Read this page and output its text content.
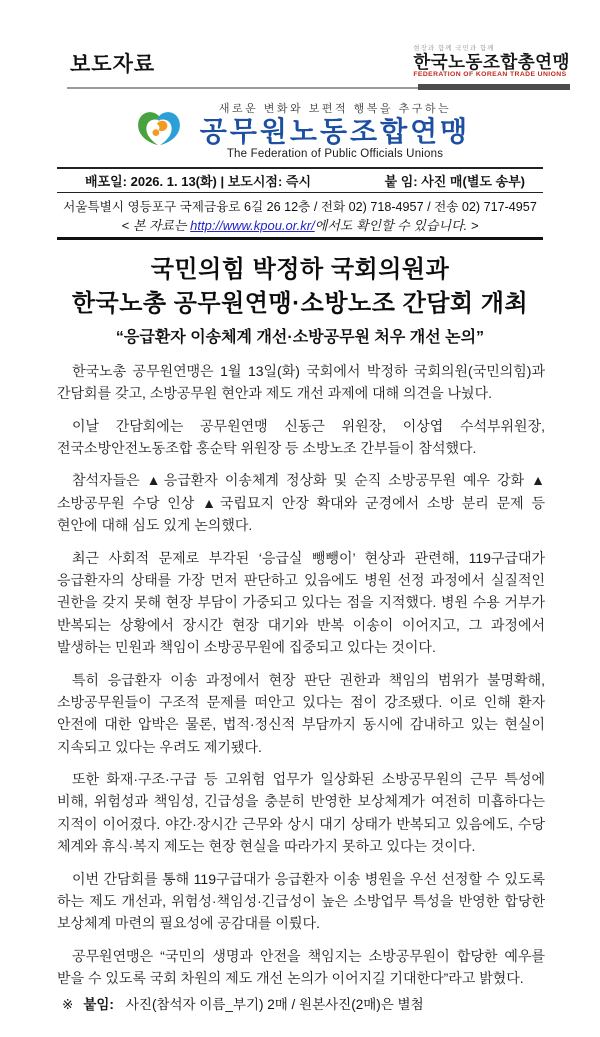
보도자료
현장과 함께 국민과 함께
한국노동조합총연맹
FEDERATION OF KOREAN TRADE UNIONS
새로운 변화와 보편적 행복을 추구하는
공무원노동조합연맹
The Federation of Public Officials Unions
배포일: 2026. 1. 13(화) | 보도시점: 즉시	붙 임: 사진 매(별도 송부)
서울특별시 영등포구 국제금융로 6길 26 12층 / 전화 02) 718-4957 / 전송 02) 717-4957
< 본 자료는 http://www.kpou.or.kr/에서도 확인할 수 있습니다. >
국민의힘 박정하 국회의원과
한국노총 공무원연맹·소방노조 간담회 개최
“응급환자 이송체계 개선·소방공무원 처우 개선 논의”

한국노총 공무원연맹은 1월 13일(화) 국회에서 박정하 국회의원(국민의힘)과 간담회를 갖고, 소방공무원 현안과 제도 개선 과제에 대해 의견을 나눴다.

이날 간담회에는 공무원연맹 신동근 위원장, 이상엽 수석부위원장, 전국소방안전노동조합 홍순탁 위원장 등 소방노조 간부들이 참석했다.

참석자들은 ▲응급환자 이송체계 정상화 및 순직 소방공무원 예우 강화 ▲소방공무원 수당 인상 ▲국립묘지 안장 확대와 군경에서 소방 분리 문제 등 현안에 대해 심도 있게 논의했다.

최근 사회적 문제로 부각된 ‘응급실 뺑뺑이’ 현상과 관련해, 119구급대가 응급환자의 상태를 가장 먼저 판단하고 있음에도 병원 선정 과정에서 실질적인 권한을 갖지 못해 현장 부담이 가중되고 있다는 점을 지적했다. 병원 수용 거부가 반복되는 상황에서 장시간 현장 대기와 반복 이송이 이어지고, 그 과정에서 발생하는 민원과 책임이 소방공무원에 집중되고 있다는 것이다.

특히 응급환자 이송 과정에서 현장 판단 권한과 책임의 범위가 불명확해, 소방공무원들이 구조적 문제를 떠안고 있다는 점이 강조됐다. 이로 인해 환자 안전에 대한 압박은 물론, 법적·정신적 부담까지 동시에 감내하고 있는 현실이 지속되고 있다는 우려도 제기됐다.

또한 화재·구조·구급 등 고위험 업무가 일상화된 소방공무원의 근무 특성에 비해, 위험성과 책임성, 긴급성을 충분히 반영한 보상체계가 여전히 미흡하다는 지적이 이어졌다. 야간·장시간 근무와 상시 대기 상태가 반복되고 있음에도, 수당 체계와 휴식·복지 제도는 현장 현실을 따라가지 못하고 있다는 것이다.

이번 간담회를 통해 119구급대가 응급환자 이송 병원을 우선 선정할 수 있도록 하는 제도 개선과, 위험성·책임성·긴급성이 높은 소방업무 특성을 반영한 합당한 보상체계 마련의 필요성에 공감대를 이뤘다.

공무원연맹은 “국민의 생명과 안전을 책임지는 소방공무원이 합당한 예우를 받을 수 있도록 국회 차원의 제도 개선 논의가 이어지길 기대한다”라고 밝혔다.

※ 붙임: 사진(참석자 이름_부기) 2매 / 원본사진(2매)은 별첨
